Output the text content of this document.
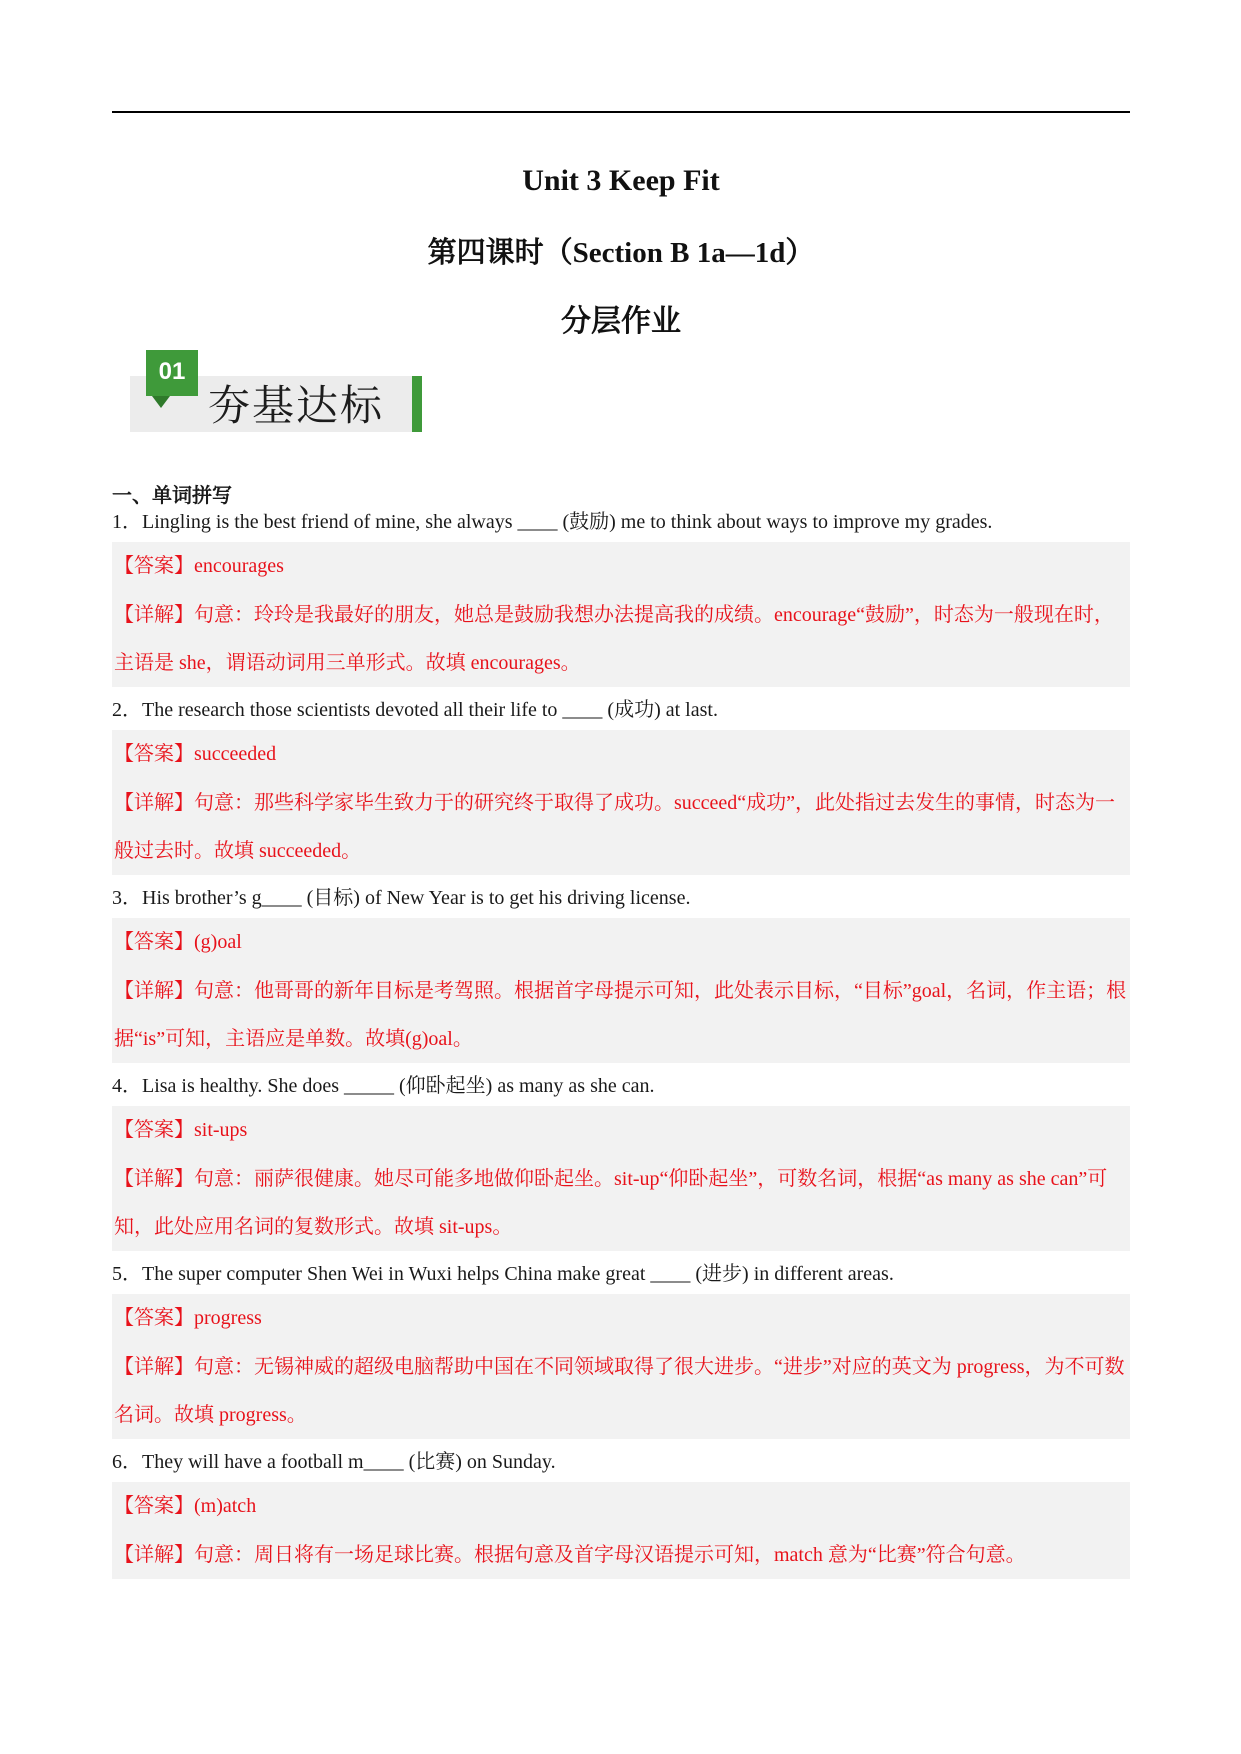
Unit 3 Keep Fit
第四课时（Section B 1a—1d）
分层作业
01
夯基达标
一、单词拼写
1．Lingling is the best friend of mine, she always ____ (鼓励) me to think about ways to improve my grades.
【答案】encourages
【详解】句意：玲玲是我最好的朋友，她总是鼓励我想办法提高我的成绩。encourage“鼓励”，时态为一般现在时，主语是 she，谓语动词用三单形式。故填 encourages。
2．The research those scientists devoted all their life to ____ (成功) at last.
【答案】succeeded
【详解】句意：那些科学家毕生致力于的研究终于取得了成功。succeed“成功”，此处指过去发生的事情，时态为一般过去时。故填 succeeded。
3．His brother’s g____ (目标) of New Year is to get his driving license.
【答案】(g)oal
【详解】句意：他哥哥的新年目标是考驾照。根据首字母提示可知，此处表示目标，“目标”goal，名词，作主语；根据“is”可知，主语应是单数。故填(g)oal。
4．Lisa is healthy. She does _____ (仰卧起坐) as many as she can.
【答案】sit-ups
【详解】句意：丽萨很健康。她尽可能多地做仰卧起坐。sit-up“仰卧起坐”，可数名词，根据“as many as she can”可知，此处应用名词的复数形式。故填 sit-ups。
5．The super computer Shen Wei in Wuxi helps China make great ____ (进步) in different areas.
【答案】progress
【详解】句意：无锡神威的超级电脑帮助中国在不同领域取得了很大进步。“进步”对应的英文为 progress，为不可数名词。故填 progress。
6．They will have a football m____ (比赛) on Sunday.
【答案】(m)atch
【详解】句意：周日将有一场足球比赛。根据句意及首字母汉语提示可知，match 意为“比赛”符合句意。
